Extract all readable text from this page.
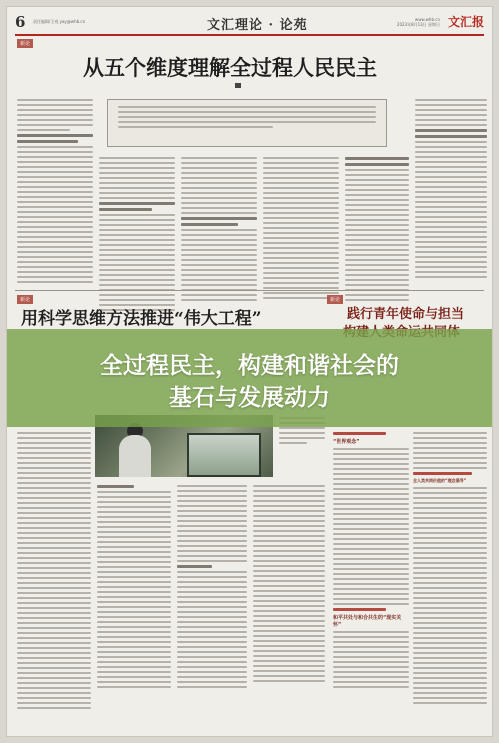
6 责任编辑/王彧 yay@whb.cn	文汇理论 · 论苑	www.whb.cn
2023年8月13日 星期日 文汇报
新论
从五个维度理解全过程人民民主
新论
用科学思维方法推进“伟大工程”
新论
践行青年使命与担当
“世界观念”
和平共处与和合共生的“现实关怀”
全人类共同价值的“理念倡导”
全过程民主，构建和谐社会的
基石与发展动力
